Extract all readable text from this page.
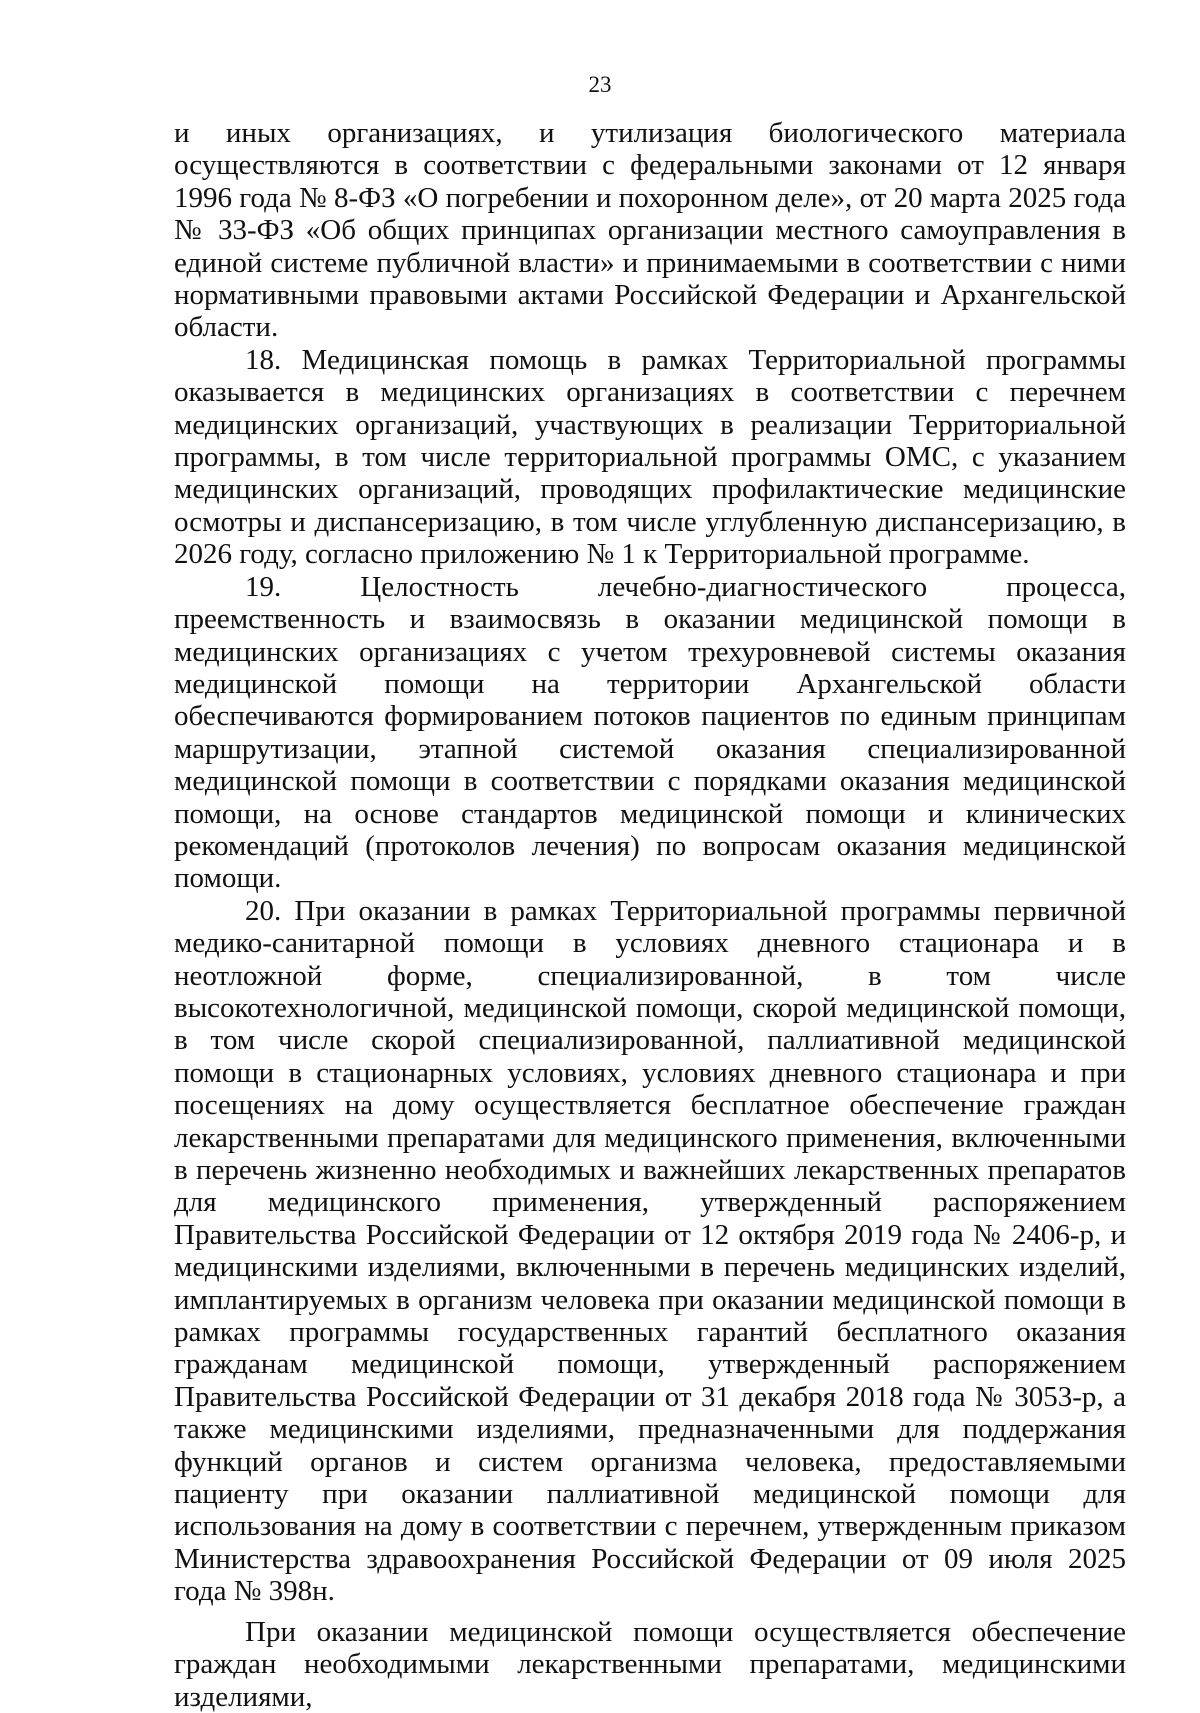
23

и иных организациях, и утилизация биологического материала осуществляются в соответствии с федеральными законами от 12 января 1996 года № 8-ФЗ «О погребении и похоронном деле», от 20 марта 2025 года № 33-ФЗ «Об общих принципах организации местного самоуправления в единой системе публичной власти» и принимаемыми в соответствии с ними нормативными правовыми актами Российской Федерации и Архангельской области.

18. Медицинская помощь в рамках Территориальной программы оказывается в медицинских организациях в соответствии с перечнем медицинских организаций, участвующих в реализации Территориальной программы, в том числе территориальной программы ОМС, с указанием медицинских организаций, проводящих профилактические медицинские осмотры и диспансеризацию, в том числе углубленную диспансеризацию, в 2026 году, согласно приложению № 1 к Территориальной программе.

19. Целостность лечебно-диагностического процесса, преемственность и взаимосвязь в оказании медицинской помощи в медицинских организациях с учетом трехуровневой системы оказания медицинской помощи на территории Архангельской области обеспечиваются формированием потоков пациентов по единым принципам маршрутизации, этапной системой оказания специализированной медицинской помощи в соответствии с порядками оказания медицинской помощи, на основе стандартов медицинской помощи и клинических рекомендаций (протоколов лечения) по вопросам оказания медицинской помощи.

20. При оказании в рамках Территориальной программы первичной медико-санитарной помощи в условиях дневного стационара и в неотложной форме, специализированной, в том числе высокотехнологичной, медицинской помощи, скорой медицинской помощи, в том числе скорой специализированной, паллиативной медицинской помощи в стационарных условиях, условиях дневного стационара и при посещениях на дому осуществляется бесплатное обеспечение граждан лекарственными препаратами для медицинского применения, включенными в перечень жизненно необходимых и важнейших лекарственных препаратов для медицинского применения, утвержденный распоряжением Правительства Российской Федерации от 12 октября 2019 года № 2406-р, и медицинскими изделиями, включенными в перечень медицинских изделий, имплантируемых в организм человека при оказании медицинской помощи в рамках программы государственных гарантий бесплатного оказания гражданам медицинской помощи, утвержденный распоряжением Правительства Российской Федерации от 31 декабря 2018 года № 3053-р, а также медицинскими изделиями, предназначенными для поддержания функций органов и систем организма человека, предоставляемыми пациенту при оказании паллиативной медицинской помощи для использования на дому в соответствии с перечнем, утвержденным приказом Министерства здравоохранения Российской Федерации от 09 июля 2025 года № 398н.

При оказании медицинской помощи осуществляется обеспечение граждан необходимыми лекарственными препаратами, медицинскими изделиями,
